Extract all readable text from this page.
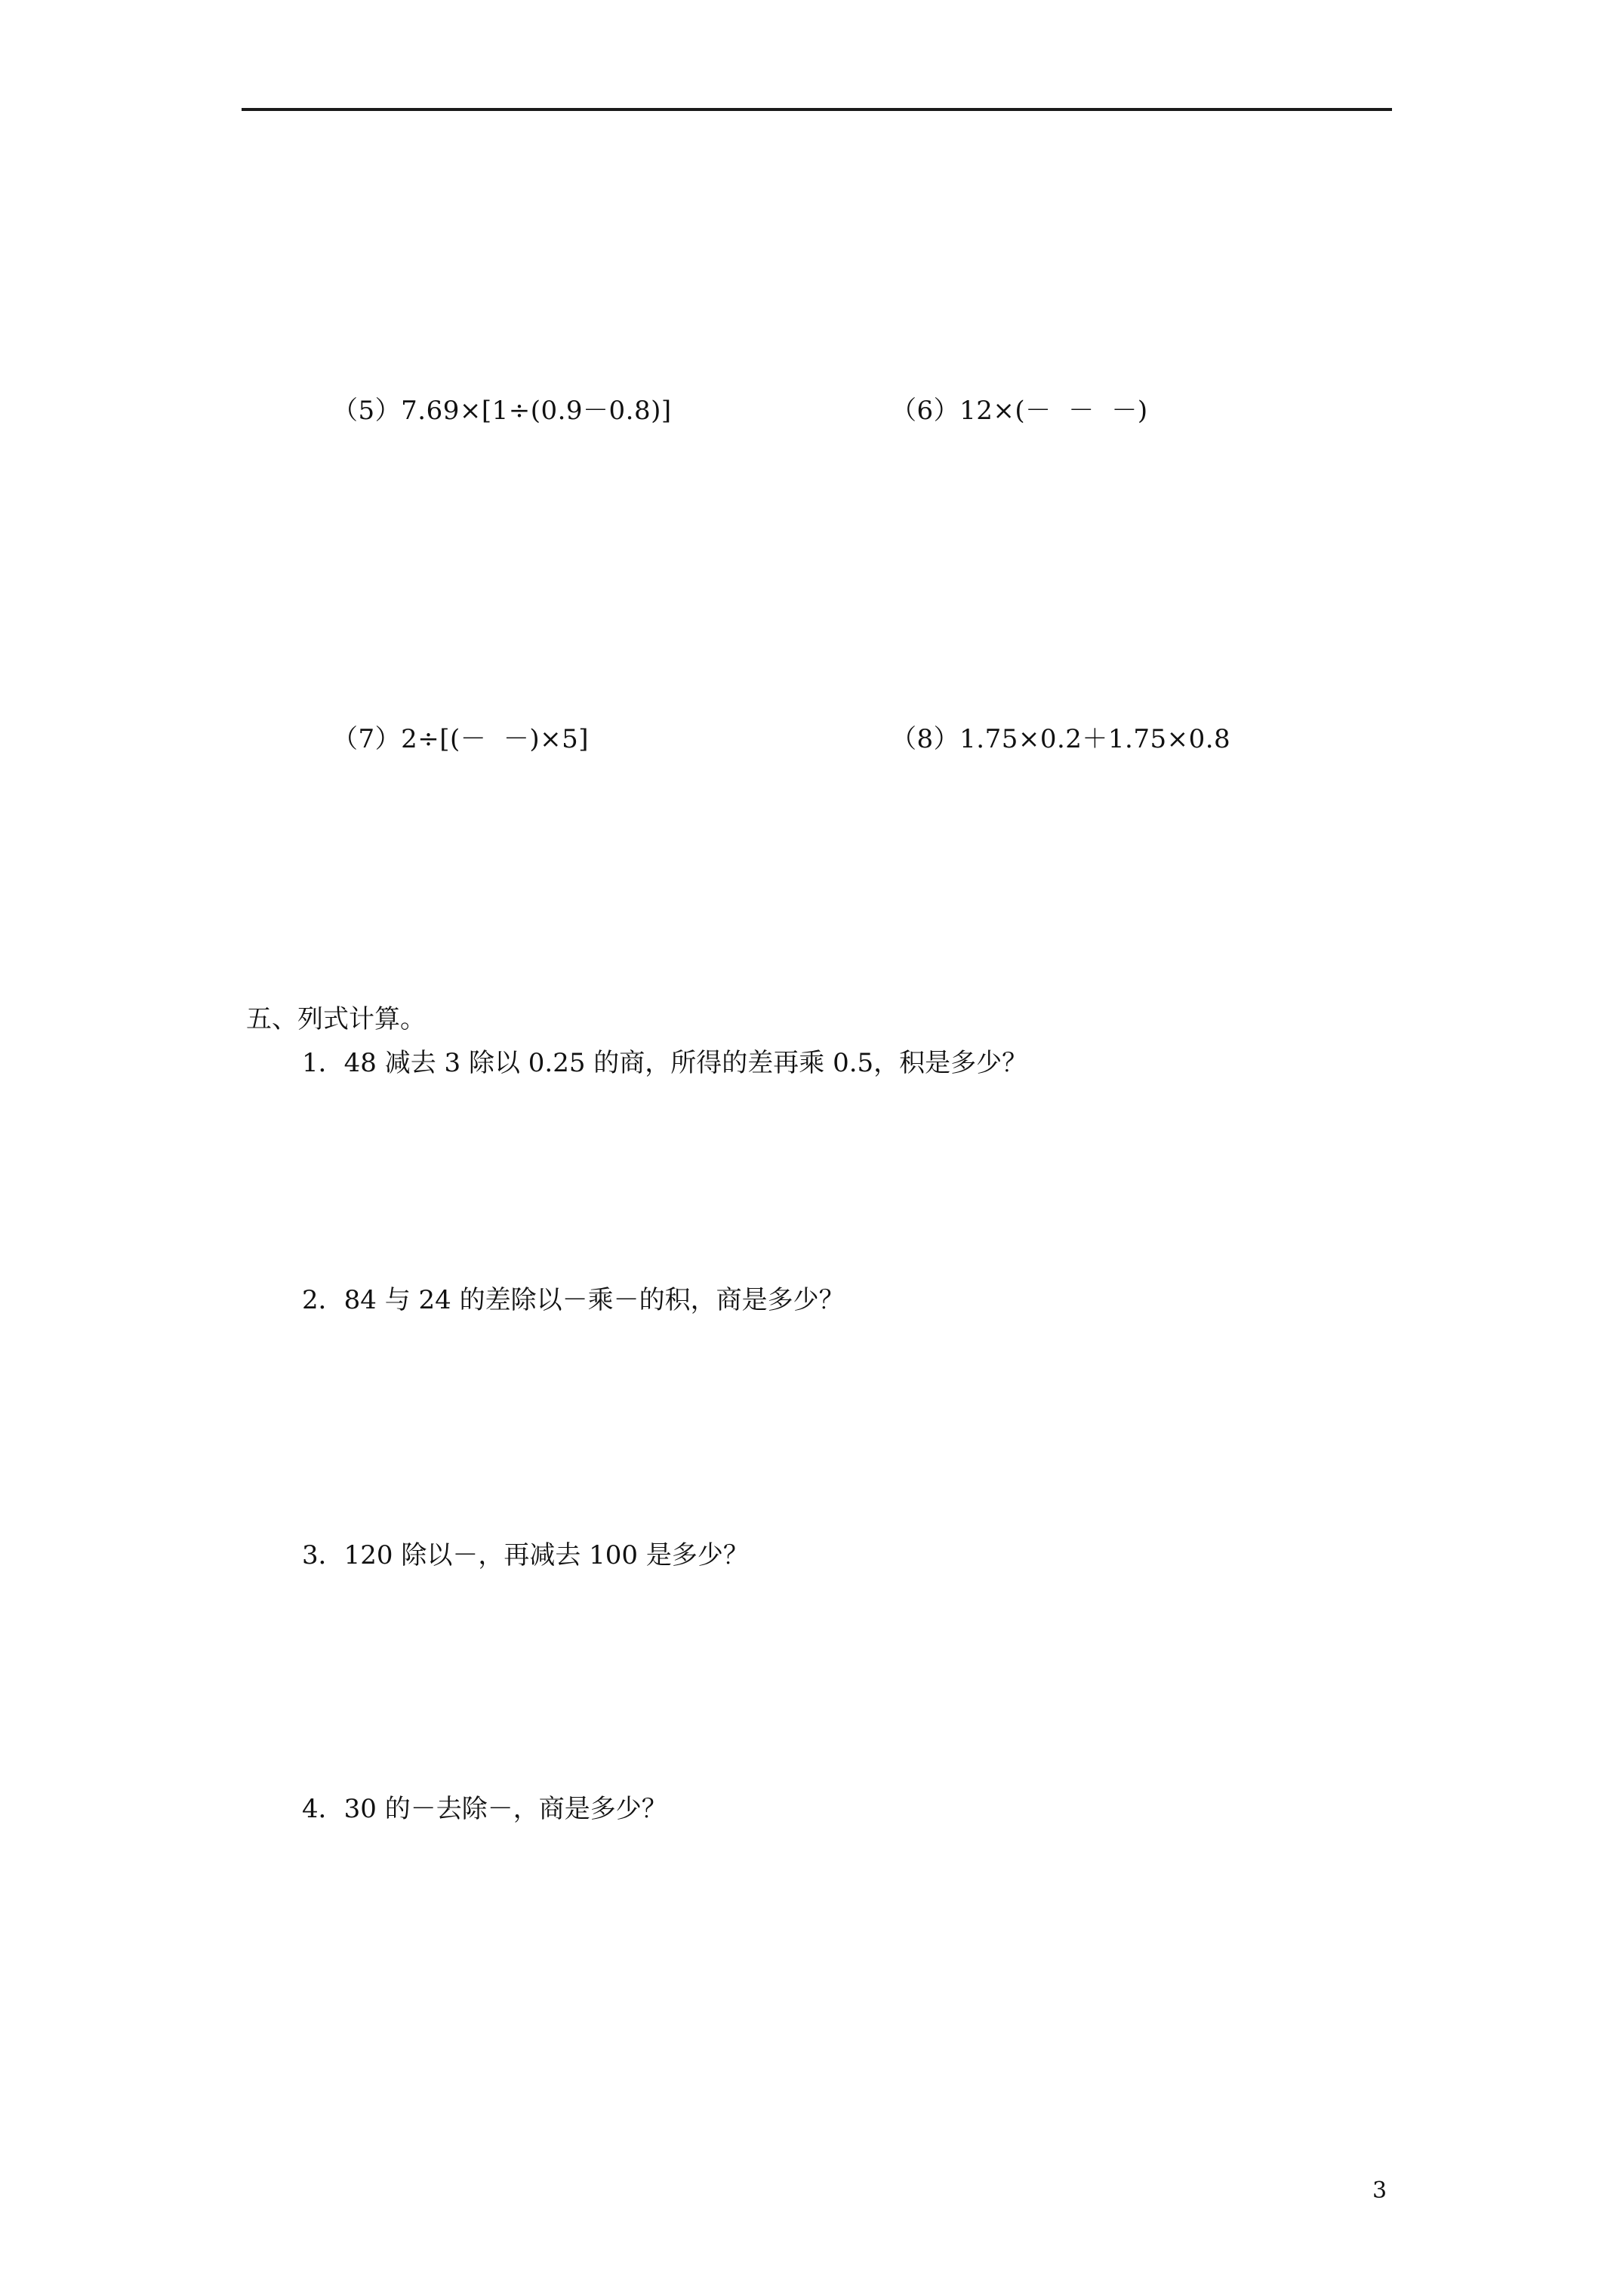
（5）7.69×[1÷(0.9－0.8)]	（6）12×(－  －  －)
（7）2÷[(－  －)×5]	（8）1.75×0.2＋1.75×0.8
五、列式计算。
1．48 减去 3 除以 0.25 的商，所得的差再乘 0.5，积是多少？
2．84 与 24 的差除以－乘－的积，商是多少？
3．120 除以－，再减去 100 是多少？
4．30 的－去除－，商是多少？
3
